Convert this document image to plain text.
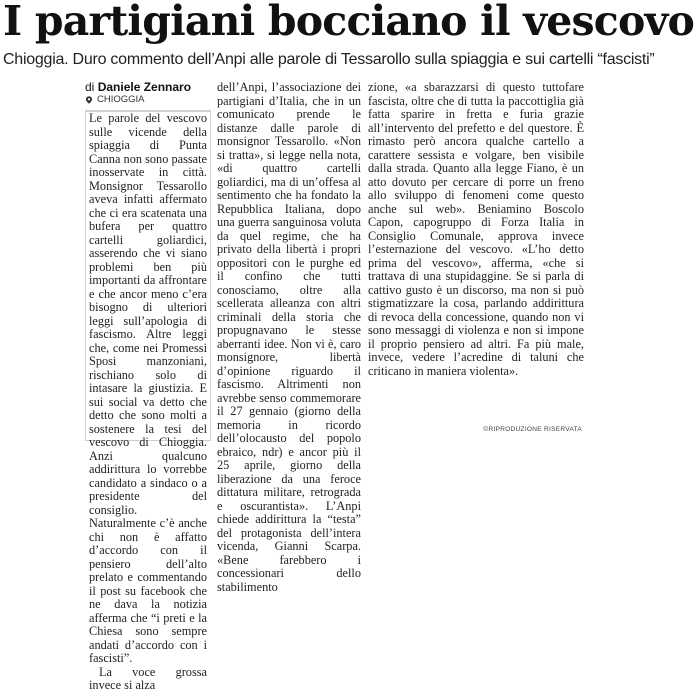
I partigiani bocciano il vescovo
Chioggia. Duro commento dell’Anpi alle parole di Tessarollo sulla spiaggia e sui cartelli “fascisti”
di Daniele Zennaro
CHIOGGIA

Le parole del vescovo sulle vicende della spiaggia di Punta Canna non sono passate inosservate in città. Monsignor Tessarollo aveva infatti affermato che ci era scatenata una bufera per quattro cartelli goliardici, asserendo che vi siano problemi ben più importanti da affrontare e che ancor meno c’era bisogno di ulteriori leggi sull’apologia di fascismo. Altre leggi che, come nei Promessi Sposi manzoniani, rischiano solo di intasare la giustizia. E sui social va detto che detto che sono molti a sostenere la tesi del vescovo di Chioggia. Anzi qualcuno addirittura lo vorrebbe candidato a sindaco o a presidente del consiglio. Naturalmente c’è anche chi non è affatto d’accordo con il pensiero dell’alto prelato e commentando il post su facebook che ne dava la notizia afferma che “i preti e la Chiesa sono sempre andati d’accordo con i fascisti”.

La voce grossa invece si alza

dell’Anpi, l’associazione dei partigiani d’Italia, che in un comunicato prende le distanze dalle parole di monsignor Tessarollo. «Non si tratta», si legge nella nota, «di quattro cartelli goliardici, ma di un’offesa al sentimento che ha fondato la Repubblica Italiana, dopo una guerra sanguinosa voluta da quel regime, che ha privato della libertà i propri oppositori con le purghe ed il confino che tutti conosciamo, oltre alla scellerata alleanza con altri criminali della storia che propugnavano le stesse aberranti idee. Non vi è, caro monsignore, libertà d’opinione riguardo il fascismo. Altrimenti non avrebbe senso commemorare il 27 gennaio (giorno della memoria in ricordo dell’olocausto del popolo ebraico, ndr) e ancor più il 25 aprile, giorno della liberazione da una feroce dittatura militare, retrograda e oscurantista». L’Anpi chiede addirittura la “testa” del protagonista dell’intera vicenda, Gianni Scarpa. «Bene farebbero i concessionari dello stabilimento

zione, «a sbarazzarsi di questo tuttofare fascista, oltre che di tutta la paccottiglia già fatta sparire in fretta e furia grazie all’intervento del prefetto e del questore. È rimasto però ancora qualche cartello a carattere sessista e volgare, ben visibile dalla strada. Quanto alla legge Fiano, è un atto dovuto per cercare di porre un freno allo sviluppo di fenomeni come questo anche sul web». Beniamino Boscolo Capon, capogruppo di Forza Italia in Consiglio Comunale, approva invece l’esternazione del vescovo. «L’ho detto prima del vescovo», afferma, «che si trattava di una stupidaggine. Se si parla di cattivo gusto è un discorso, ma non si può stigmatizzare la cosa, parlando addirittura di revoca della concessione, quando non vi sono messaggi di violenza e non si impone il proprio pensiero ad altri. Fa più male, invece, vedere l’acredine di taluni che criticano in maniera violenta».

©RIPRODUZIONE RISERVATA
